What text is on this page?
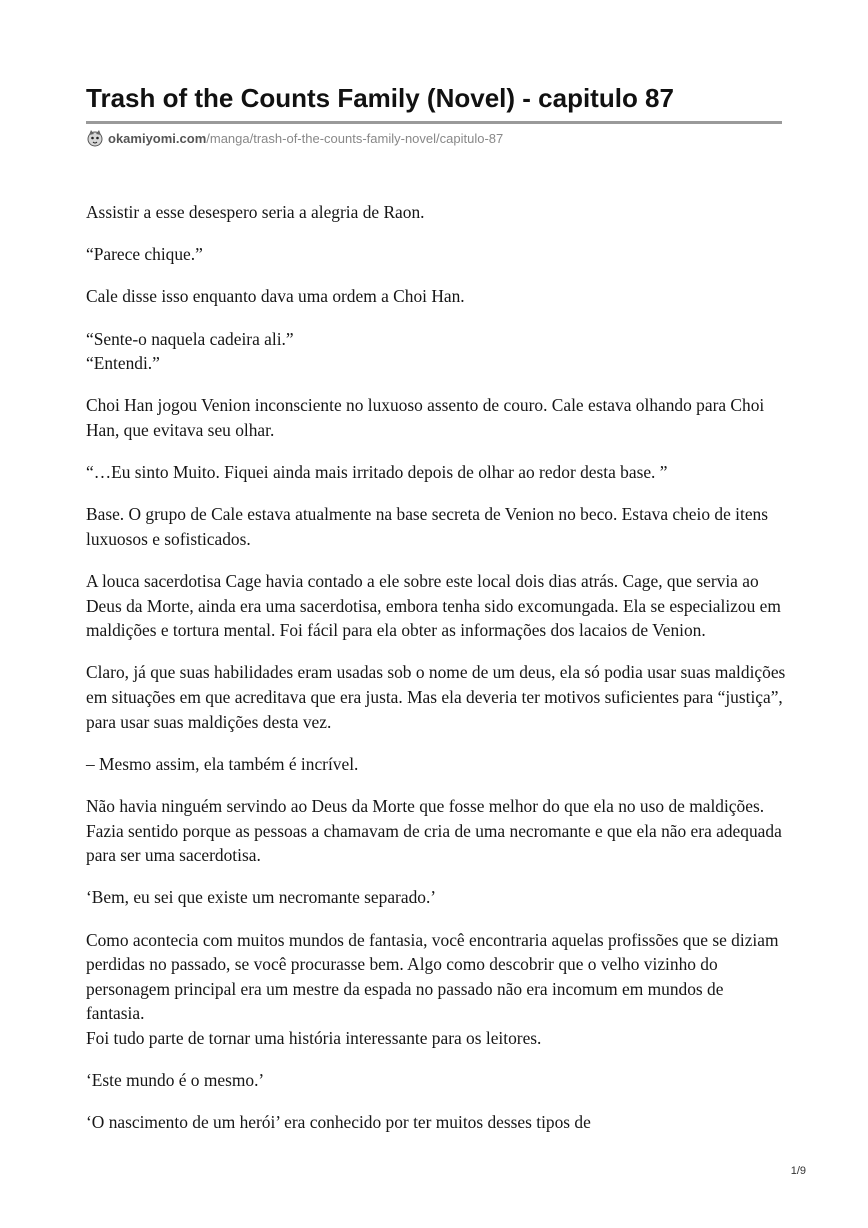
Trash of the Counts Family (Novel) - capitulo 87
okamiyomi.com /manga/trash-of-the-counts-family-novel/capitulo-87

Assistir a esse desespero seria a alegria de Raon.

“Parece chique.”

Cale disse isso enquanto dava uma ordem a Choi Han.

“Sente-o naquela cadeira ali.”
“Entendi.”

Choi Han jogou Venion inconsciente no luxuoso assento de couro. Cale estava olhando para Choi Han, que evitava seu olhar.

“…Eu sinto Muito. Fiquei ainda mais irritado depois de olhar ao redor desta base. ”

Base. O grupo de Cale estava atualmente na base secreta de Venion no beco. Estava cheio de itens luxuosos e sofisticados.

A louca sacerdotisa Cage havia contado a ele sobre este local dois dias atrás. Cage, que servia ao Deus da Morte, ainda era uma sacerdotisa, embora tenha sido excomungada. Ela se especializou em maldições e tortura mental. Foi fácil para ela obter as informações dos lacaios de Venion.

Claro, já que suas habilidades eram usadas sob o nome de um deus, ela só podia usar suas maldições em situações em que acreditava que era justa. Mas ela deveria ter motivos suficientes para “justiça”, para usar suas maldições desta vez.

– Mesmo assim, ela também é incrível.

Não havia ninguém servindo ao Deus da Morte que fosse melhor do que ela no uso de maldições. Fazia sentido porque as pessoas a chamavam de cria de uma necromante e que ela não era adequada para ser uma sacerdotisa.

‘Bem, eu sei que existe um necromante separado.’

Como acontecia com muitos mundos de fantasia, você encontraria aquelas profissões que se diziam perdidas no passado, se você procurasse bem. Algo como descobrir que o velho vizinho do personagem principal era um mestre da espada no passado não era incomum em mundos de fantasia.
Foi tudo parte de tornar uma história interessante para os leitores.

‘Este mundo é o mesmo.’

‘O nascimento de um herói’ era conhecido por ter muitos desses tipos de

1/9
